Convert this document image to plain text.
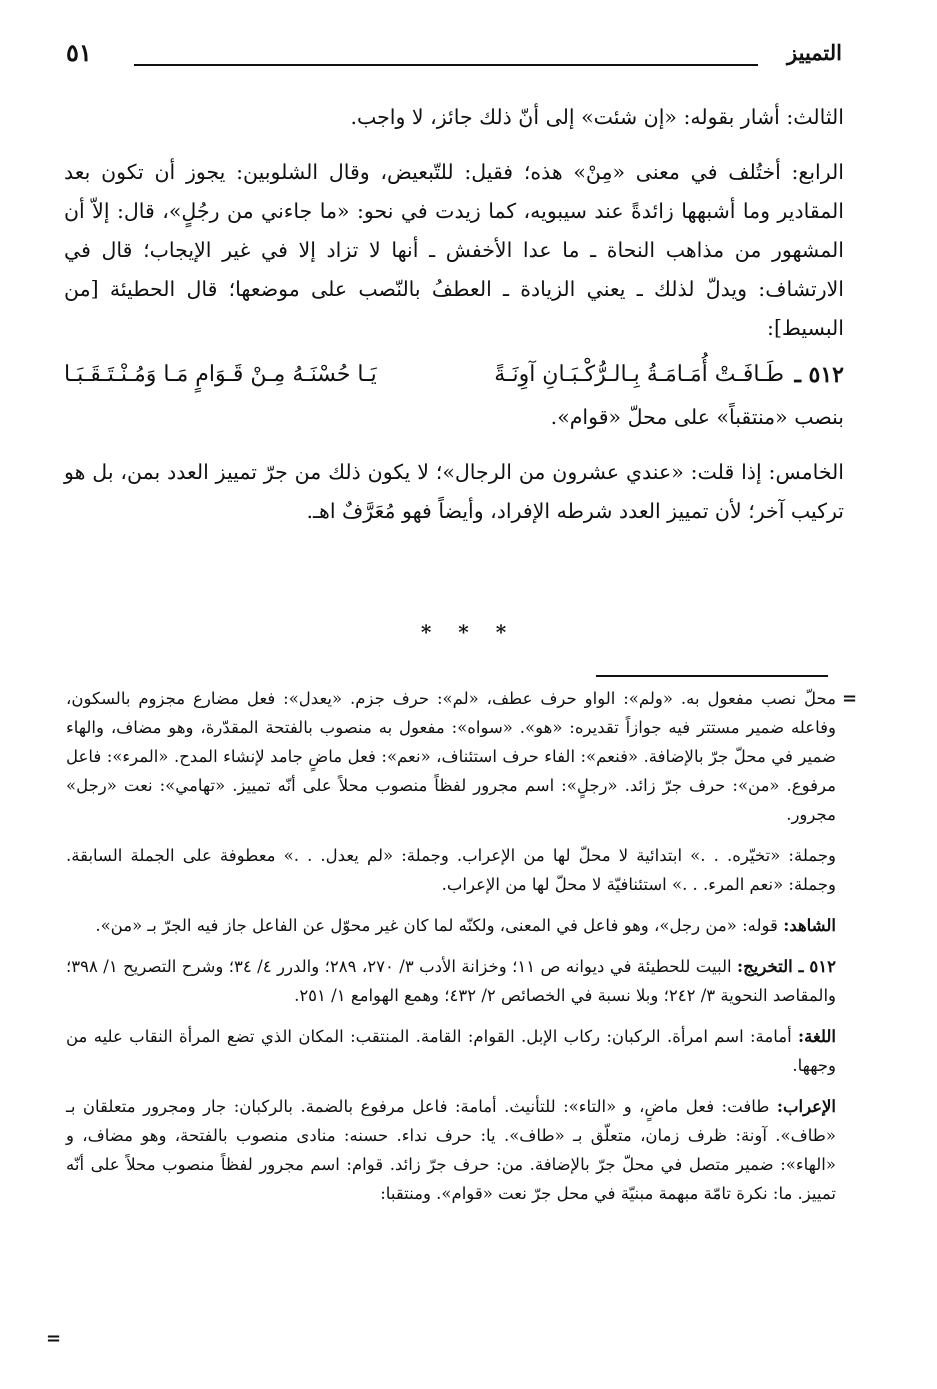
التمييز
٥١

الثالث: أشار بقوله: «إن شئت» إلى أنّ ذلك جائز، لا واجب.

الرابع: أختُلف في معنى «مِنْ» هذه؛ فقيل: للتّبعيض، وقال الشلوبين: يجوز أن تكون بعد المقادير وما أشبهها زائدةً عند سيبويه، كما زيدت في نحو: «ما جاءني من رجُلٍ»، قال: إلاّ أن المشهور من مذاهب النحاة ـ ما عدا الأخفش ـ أنها لا تزاد إلا في غير الإيجاب؛ قال في الارتشاف: ويدلّ لذلك ـ يعني الزيادة ـ العطفُ بالنّصب على موضعها؛ قال الحطيئة [من البسيط]:

٥١٢ ـ
طَـافَـتْ أُمَـامَـةُ بِـالـرُّكْـبَـانِ آوِنَـةً
يَـا حُسْنَـهُ مِـنْ قَـوَامٍ مَـا وَمُـنْـتَـقَـبَـا

بنصب «منتقباً» على محلّ «قوام».

الخامس: إذا قلت: «عندي عشرون من الرجال»؛ لا يكون ذلك من جرّ تمييز العدد بمن، بل هو تركيب آخر؛ لأن تمييز العدد شرطه الإفراد، وأيضاً فهو مُعَرَّفٌ اهـ.

* * *
=

محلّ نصب مفعول به. «ولم»: الواو حرف عطف، «لم»: حرف جزم. «يعدل»: فعل مضارع مجزوم بالسكون، وفاعله ضمير مستتر فيه جوازاً تقديره: «هو». «سواه»: مفعول به منصوب بالفتحة المقدّرة، وهو مضاف، والهاء ضمير في محلّ جرّ بالإضافة. «فنعم»: الفاء حرف استئناف، «نعم»: فعل ماضٍ جامد لإنشاء المدح. «المرء»: فاعل مرفوع. «من»: حرف جرّ زائد. «رجلٍ»: اسم مجرور لفظاً منصوب محلاً على أنّه تمييز. «تهامي»: نعت «رجل» مجرور.

وجملة: «تخيّره. . .» ابتدائية لا محلّ لها من الإعراب. وجملة: «لم يعدل. . .» معطوفة على الجملة السابقة. وجملة: «نعم المرء. . .» استئنافيّة لا محلّ لها من الإعراب.

الشاهد: قوله: «من رجل»، وهو فاعل في المعنى، ولكنّه لما كان غير محوّل عن الفاعل جاز فيه الجرّ بـ «من».

٥١٢ ـ التخريج: البيت للحطيئة في ديوانه ص ١١؛ وخزانة الأدب ٣/ ٢٧٠، ٢٨٩؛ والدرر ٤/ ٣٤؛ وشرح التصريح ١/ ٣٩٨؛ والمقاصد النحوية ٣/ ٢٤٢؛ وبلا نسبة في الخصائص ٢/ ٤٣٢؛ وهمع الهوامع ١/ ٢٥١.

اللغة: أمامة: اسم امرأة. الركبان: ركاب الإبل. القوام: القامة. المنتقب: المكان الذي تضع المرأة النقاب عليه من وجهها.

الإعراب: طافت: فعل ماضٍ، و «التاء»: للتأنيث. أمامة: فاعل مرفوع بالضمة. بالركبان: جار ومجرور متعلقان بـ «طاف». آونة: ظرف زمان، متعلّق بـ «طاف». يا: حرف نداء. حسنه: منادى منصوب بالفتحة، وهو مضاف، و «الهاء»: ضمير متصل في محلّ جرّ بالإضافة. من: حرف جرّ زائد. قوام: اسم مجرور لفظاً منصوب محلاً على أنّه تمييز. ما: نكرة تامّة مبهمة مبنيّة في محل جرّ نعت «قوام». ومنتقبا:

=
